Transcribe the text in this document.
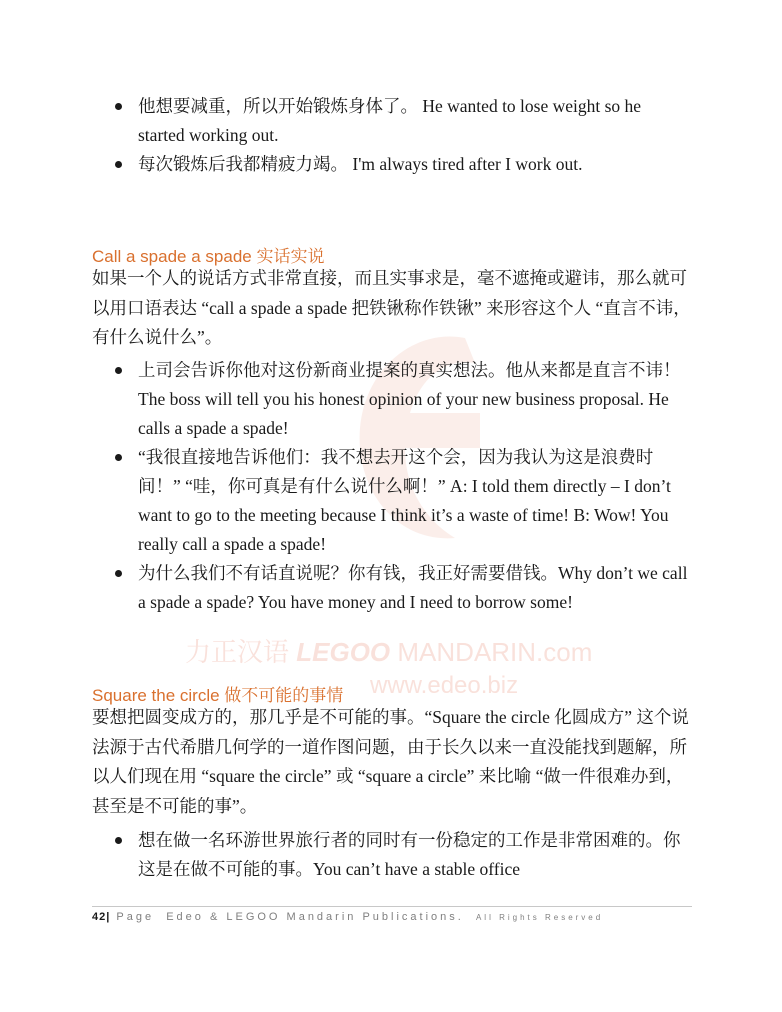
力正汉语 LEGOO MANDARIN.com
www.edeo.biz
他想要减重，所以开始锻炼身体了。 He wanted to lose weight so he started working out.
每次锻炼后我都精疲力竭。 I'm always tired after I work out.
Call a spade a spade 实话实说

如果一个人的说话方式非常直接，而且实事求是，毫不遮掩或避讳，那么就可以用口语表达 “call a spade a spade 把铁锹称作铁锹” 来形容这个人 “直言不讳，有什么说什么”。

上司会告诉你他对这份新商业提案的真实想法。他从来都是直言不讳！ The boss will tell you his honest opinion of your new business proposal. He calls a spade a spade!
“我很直接地告诉他们：我不想去开这个会，因为我认为这是浪费时间！” “哇，你可真是有什么说什么啊！” A: I told them directly – I don’t want to go to the meeting because I think it’s a waste of time! B: Wow! You really call a spade a spade!
为什么我们不有话直说呢？你有钱，我正好需要借钱。Why don’t we call a spade a spade? You have money and I need to borrow some!
Square the circle 做不可能的事情

要想把圆变成方的，那几乎是不可能的事。“Square the circle 化圆成方” 这个说法源于古代希腊几何学的一道作图问题，由于长久以来一直没能找到题解，所以人们现在用 “square the circle” 或 “square a circle” 来比喻 “做一件很难办到，甚至是不可能的事”。

想在做一名环游世界旅行者的同时有一份稳定的工作是非常困难的。你这是在做不可能的事。You can’t have a stable office
42| Page Edeo & LEGOO Mandarin Publications. All Rights Reserved
